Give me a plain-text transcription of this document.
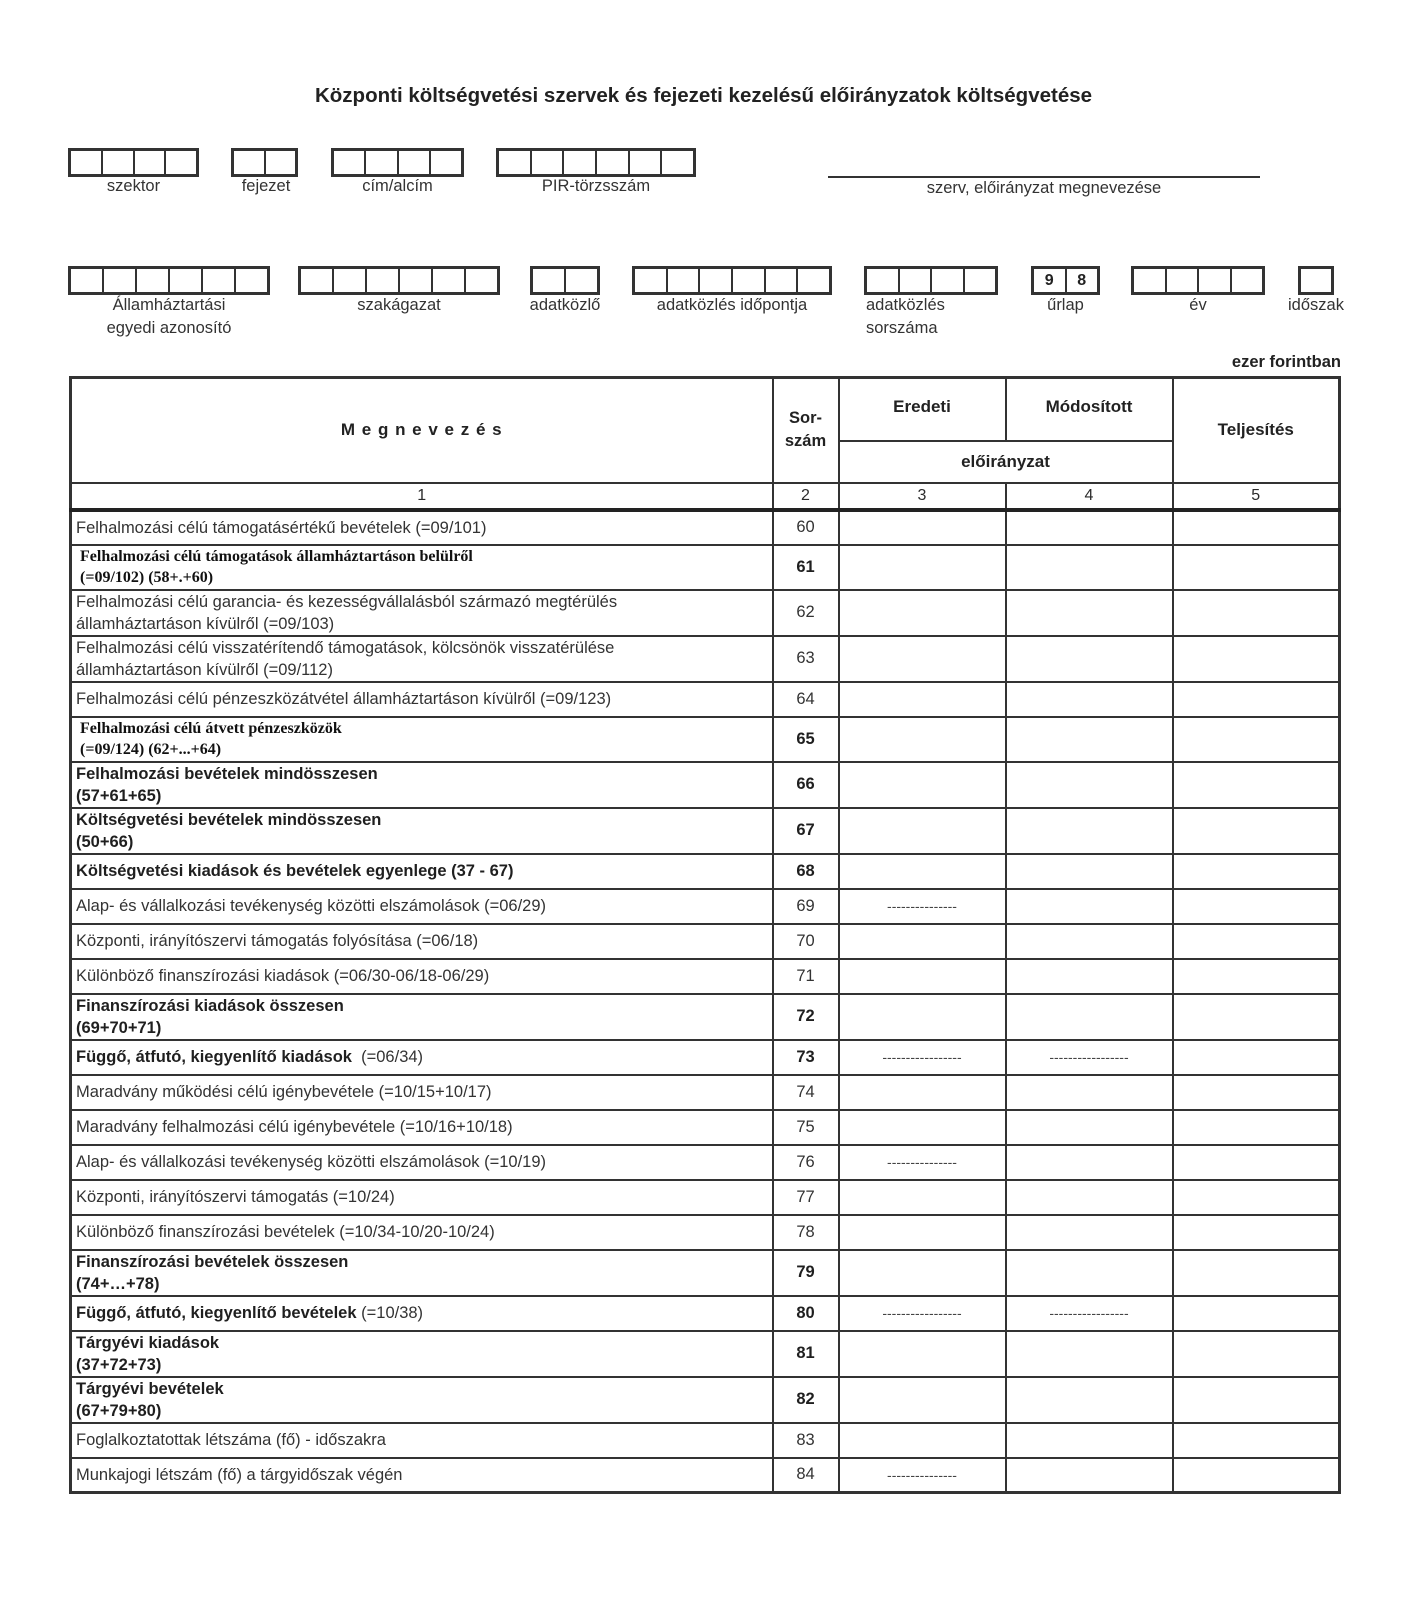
Központi költségvetési szervek és fejezeti kezelésű előirányzatok költségvetése
szektor	fejezet	cím/alcím	PIR-törzsszám	szerv, előirányzat megnevezése
Államháztartási
egyedi azonosító
szakágazat	adatközlő	adatközlés időpontja	adatközlés
sorszáma
9	8
űrlap	év	időszak
ezer forintban
M e g n e v e z é s	Sor-
szám	Eredeti	Módosított	Teljesítés
		előirányzat		
1	2	3	4	5

Felhalmozási célú támogatásértékű bevételek (=09/101)	60			

Felhalmozási célú támogatások államháztartáson belülről
(=09/102) (58+.+60)	61			

Felhalmozási célú garancia- és kezességvállalásból származó megtérülés
államháztartáson kívülről (=09/103)	62			

Felhalmozási célú visszatérítendő támogatások, kölcsönök visszatérülése
államháztartáson kívülről (=09/112)	63			

Felhalmozási célú pénzeszközátvétel államháztartáson kívülről (=09/123)	64			

Felhalmozási célú átvett pénzeszközök
(=09/124) (62+...+64)	65			

Felhalmozási bevételek mindösszesen
(57+61+65)	66			

Költségvetési bevételek mindösszesen
(50+66)	67			

Költségvetési kiadások és bevételek egyenlege (37 - 67)	68			

Alap- és vállalkozási tevékenység közötti elszámolások (=06/29)	69	---------------		

Központi, irányítószervi támogatás folyósítása (=06/18)	70			

Különböző finanszírozási kiadások (=06/30-06/18-06/29)	71			

Finanszírozási kiadások összesen
(69+70+71)	72			

Függő, átfutó, kiegyenlítő kiadások  (=06/34)	73	-----------------	-----------------	

Maradvány működési célú igénybevétele (=10/15+10/17)	74			

Maradvány felhalmozási célú igénybevétele (=10/16+10/18)	75			

Alap- és vállalkozási tevékenység közötti elszámolások (=10/19)	76	---------------		

Központi, irányítószervi támogatás (=10/24)	77			

Különböző finanszírozási bevételek (=10/34-10/20-10/24)	78			

Finanszírozási bevételek összesen
(74+…+78)	79			

Függő, átfutó, kiegyenlítő bevételek (=10/38)	80	-----------------	-----------------	

Tárgyévi kiadások
(37+72+73)	81			

Tárgyévi bevételek
(67+79+80)	82			

Foglalkoztatottak létszáma (fő) - időszakra	83			

Munkajogi létszám (fő) a tárgyidőszak végén	84	---------------		
